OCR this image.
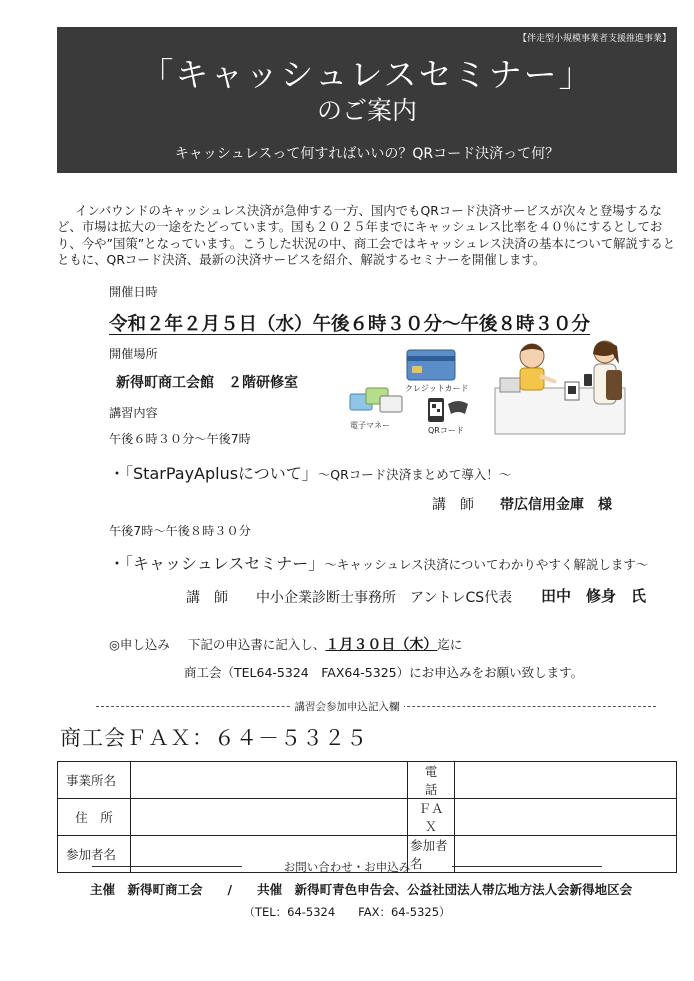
【伴走型小規模事業者支援推進事業】
「キャッシュレスセミナー」
のご案内
キャッシュレスって何すればいいの？QRコード決済って何？
インバウンドのキャッシュレス決済が急伸する一方、国内でもQRコード決済サービスが次々と登場するなど、市場は拡大の一途をたどっています。国も２０２５年までにキャッシュレス比率を４０％にするとしており、今や”国策”となっています。こうした状況の中、商工会ではキャッシュレス決済の基本について解説するとともに、QRコード決済、最新の決済サービスを紹介、解説するセミナーを開催します。
開催日時
令和２年２月５日（水）午後６時３０分～午後８時３０分
開催場所
新得町商工会館　２階研修室
講習内容
電子マネー
クレジットカード
QRコード
午後６時３０分～午後7時
・「StarPayAplusについて」～QRコード決済まとめて導入！～
講　師 帯広信用金庫　様
午後7時～午後８時３０分
・「キャッシュレスセミナー」～キャッシュレス決済についてわかりやすく解説します～
講　師 中小企業診断士事務所　アントレCS代表 田中　修身　氏
◎申し込み 下記の申込書に記入し、１月３０日（木）迄に
商工会（TEL64-5324　FAX64-5325）にお申込みをお願い致します。
講習会参加申込記入欄
商工会ＦＡＸ：６４－５３２５
事業所名		電　話	
住　所		ＦＡＸ	
参加者名		参加者名	
お問い合わせ・お申込み
主催　新得町商工会　　/　　共催　新得町青色申告会、公益社団法人帯広地方法人会新得地区会
（TEL：64-5324　　FAX：64-5325）
